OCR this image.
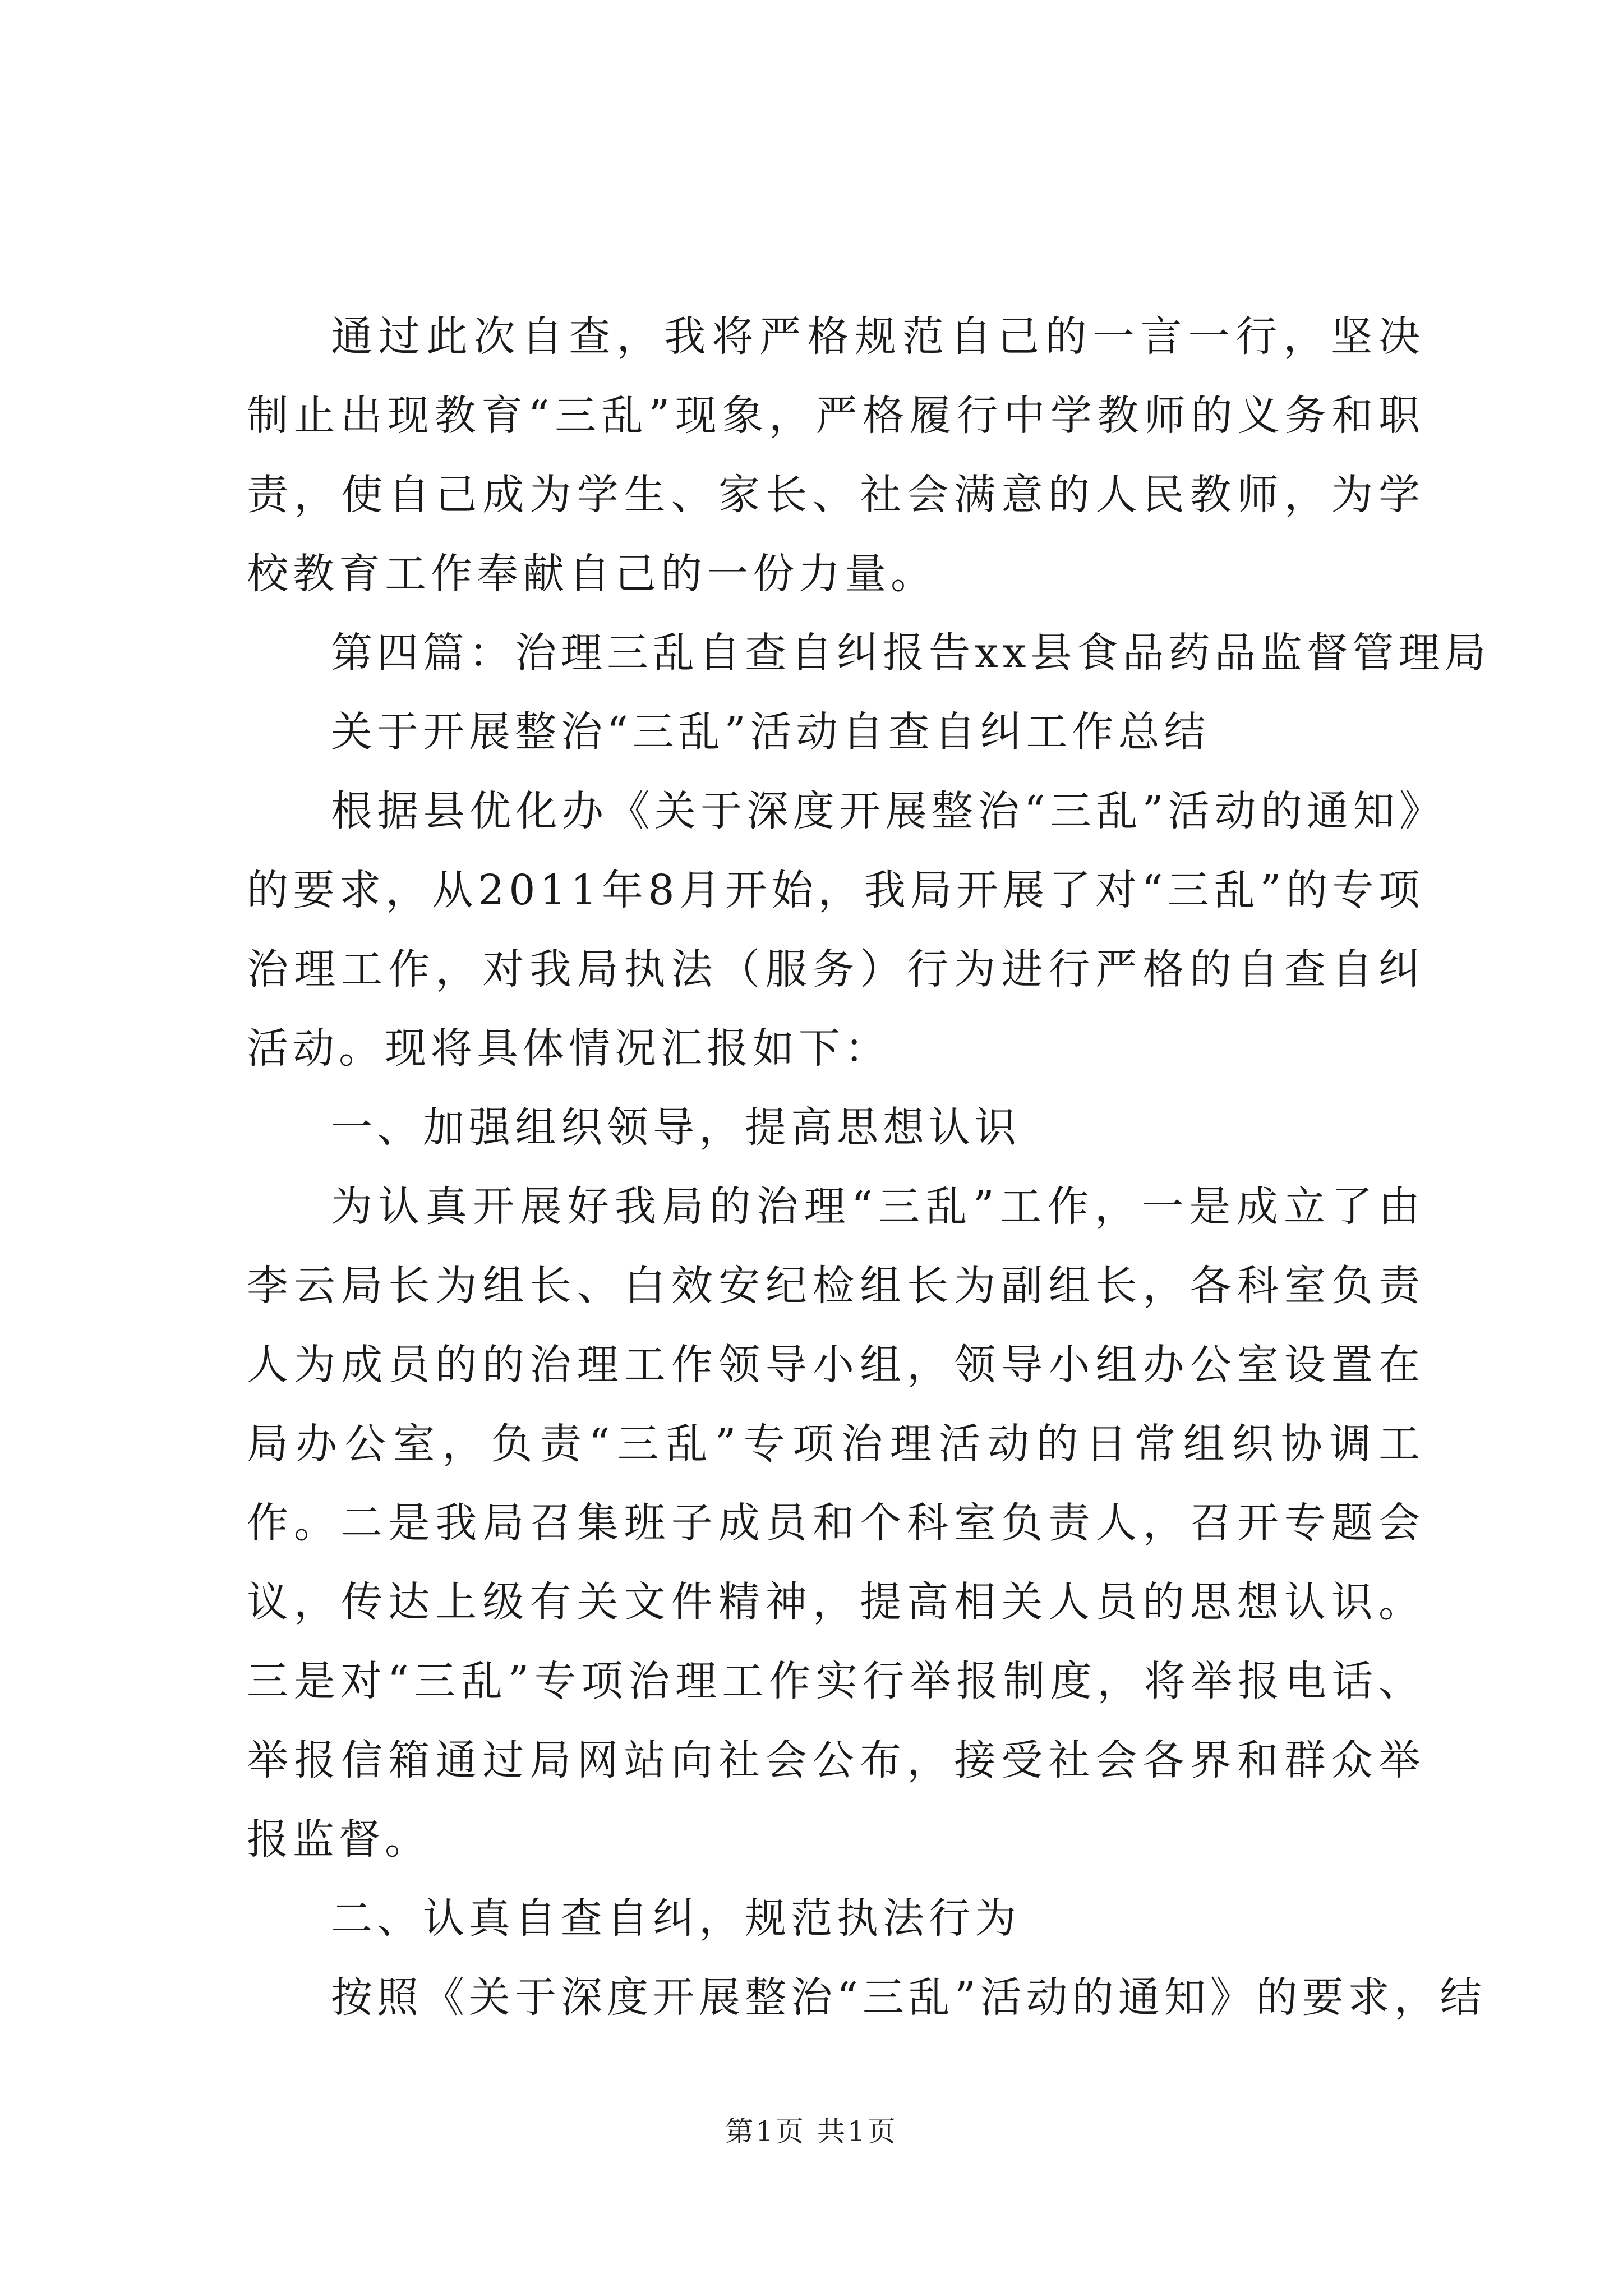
通过此次自查，我将严格规范自己的一言一行，坚决制止出现教育“三乱”现象，严格履行中学教师的义务和职责，使自己成为学生、家长、社会满意的人民教师，为学校教育工作奉献自己的一份力量。

第四篇：治理三乱自查自纠报告xx县食品药品监督管理局

关于开展整治“三乱”活动自查自纠工作总结

根据县优化办《关于深度开展整治“三乱”活动的通知》的要求，从2011年8月开始，我局开展了对“三乱”的专项治理工作，对我局执法（服务）行为进行严格的自查自纠活动。现将具体情况汇报如下：

一、加强组织领导，提高思想认识

为认真开展好我局的治理“三乱”工作，一是成立了由李云局长为组长、白效安纪检组长为副组长，各科室负责人为成员的的治理工作领导小组，领导小组办公室设置在局办公室，负责“三乱”专项治理活动的日常组织协调工作。二是我局召集班子成员和个科室负责人，召开专题会议，传达上级有关文件精神，提高相关人员的思想认识。三是对“三乱”专项治理工作实行举报制度，将举报电话、举报信箱通过局网站向社会公布，接受社会各界和群众举报监督。

二、认真自查自纠，规范执法行为

按照《关于深度开展整治“三乱”活动的通知》的要求，结

第1页 共1页
